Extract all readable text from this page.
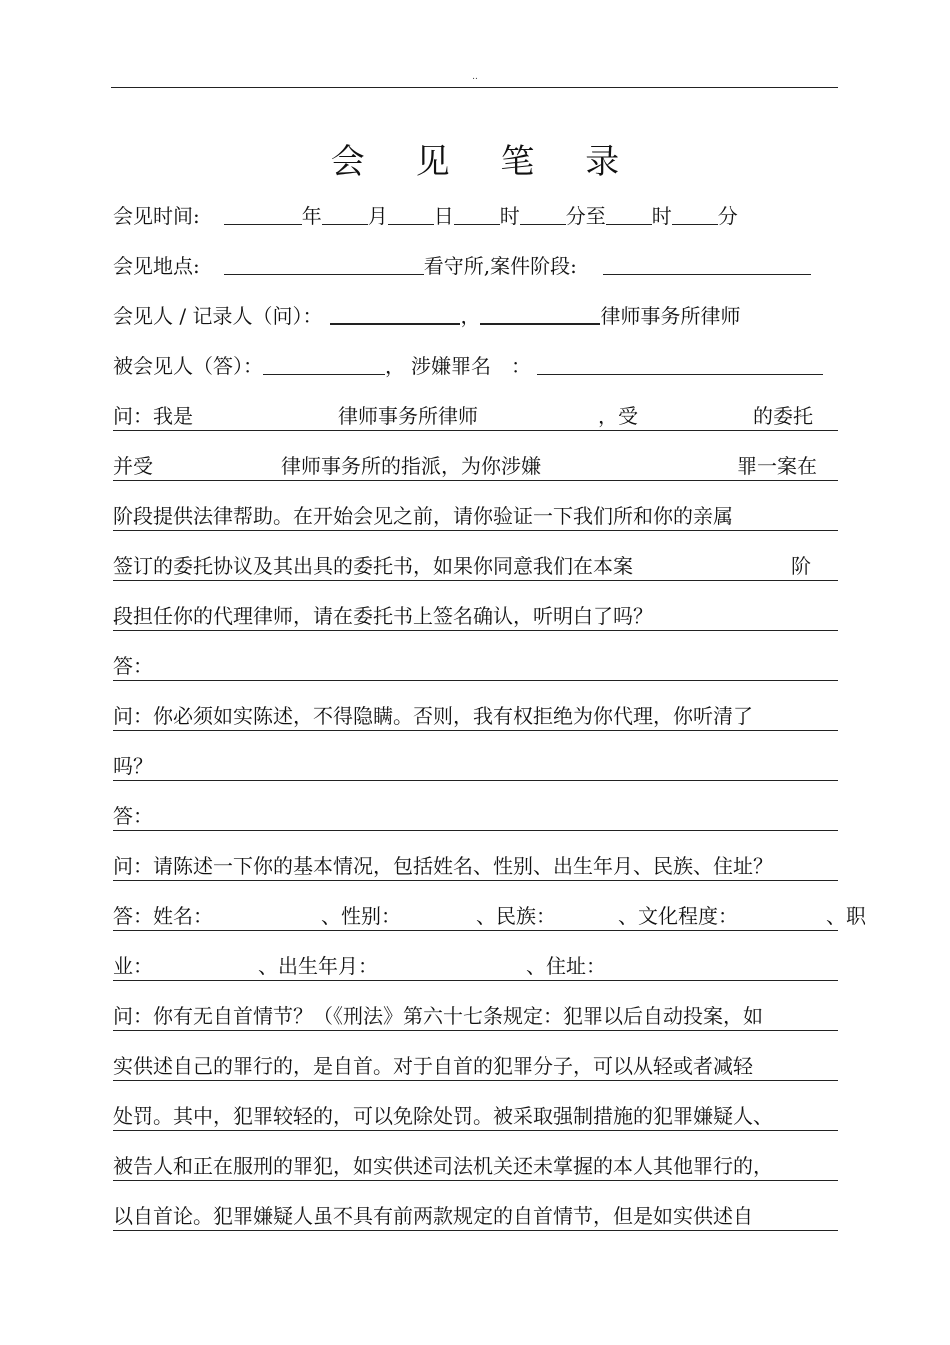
..
会 见 笔 录
会见时间:	年 月 日 时 分至 时 分
会见地点:	看守所,案件阶段:
会见人 / 记录人（问）：	，	律师事务所律师
被会见人（答）：	， 涉嫌罪名　：
问：我是	律师事务所律师	，受	的委托
并受	律师事务所的指派，为你涉嫌	罪一案在
阶段提供法律帮助。在开始会见之前，请你验证一下我们所和你的亲属
签订的委托协议及其出具的委托书，如果你同意我们在本案	阶
段担任你的代理律师，请在委托书上签名确认，听明白了吗？
答：
问：你必须如实陈述，不得隐瞒。否则，我有权拒绝为你代理，你听清了
吗？
答：
问：请陈述一下你的基本情况，包括姓名、性别、出生年月、民族、住址？
答：姓名：	、性别：	、民族：	、文化程度：	、职
业：	、出生年月：	、住址：
问：你有无自首情节？（《刑法》第六十七条规定：犯罪以后自动投案，如
实供述自己的罪行的，是自首。对于自首的犯罪分子，可以从轻或者减轻
处罚。其中，犯罪较轻的，可以免除处罚。被采取强制措施的犯罪嫌疑人、
被告人和正在服刑的罪犯，如实供述司法机关还未掌握的本人其他罪行的，
以自首论。犯罪嫌疑人虽不具有前两款规定的自首情节，但是如实供述自
